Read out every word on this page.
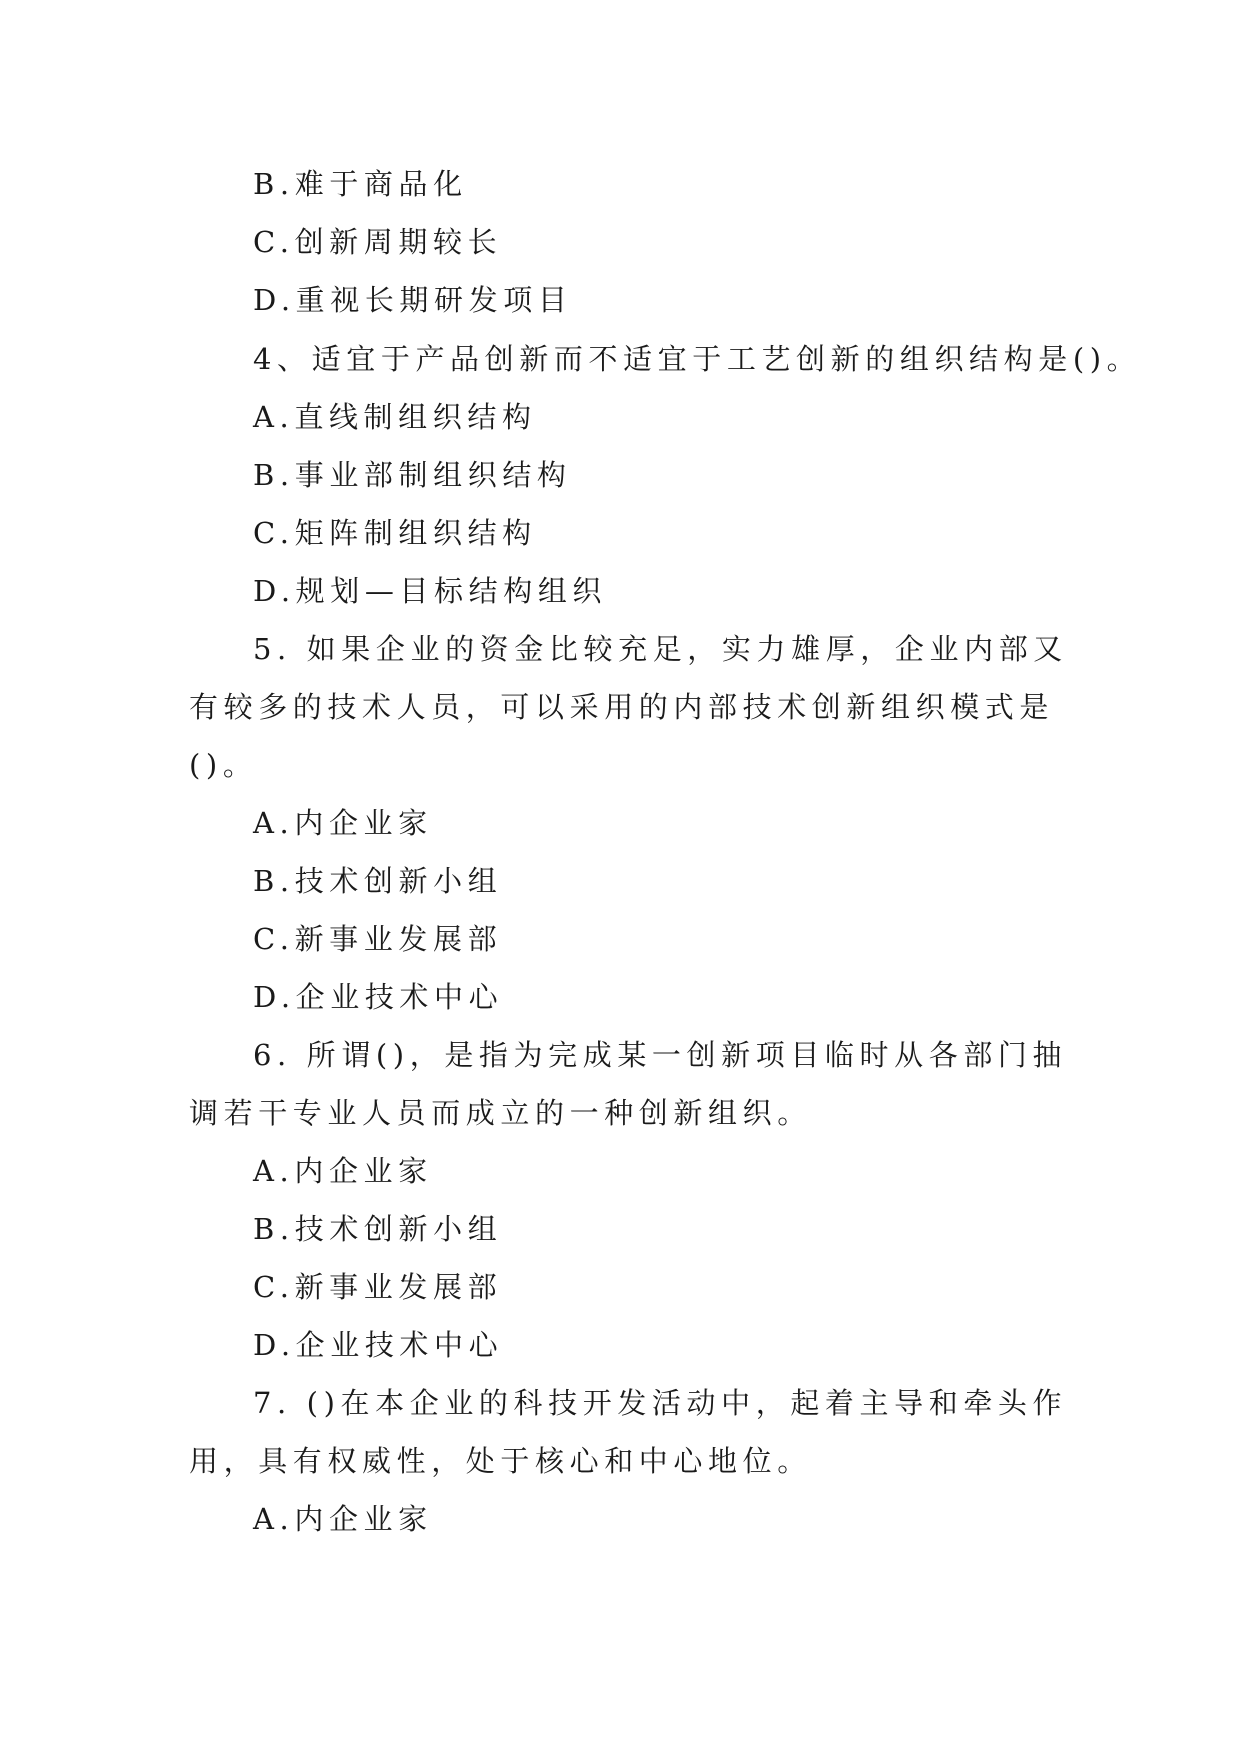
B.难于商品化
C.创新周期较长
D.重视长期研发项目
4、适宜于产品创新而不适宜于工艺创新的组织结构是()。
A.直线制组织结构
B.事业部制组织结构
C.矩阵制组织结构
D.规划—目标结构组织
5. 如果企业的资金比较充足，实力雄厚，企业内部又
有较多的技术人员，可以采用的内部技术创新组织模式是
()。
A.内企业家
B.技术创新小组
C.新事业发展部
D.企业技术中心
6. 所谓()，是指为完成某一创新项目临时从各部门抽
调若干专业人员而成立的一种创新组织。
A.内企业家
B.技术创新小组
C.新事业发展部
D.企业技术中心
7. ()在本企业的科技开发活动中，起着主导和牵头作
用，具有权威性，处于核心和中心地位。
A.内企业家
